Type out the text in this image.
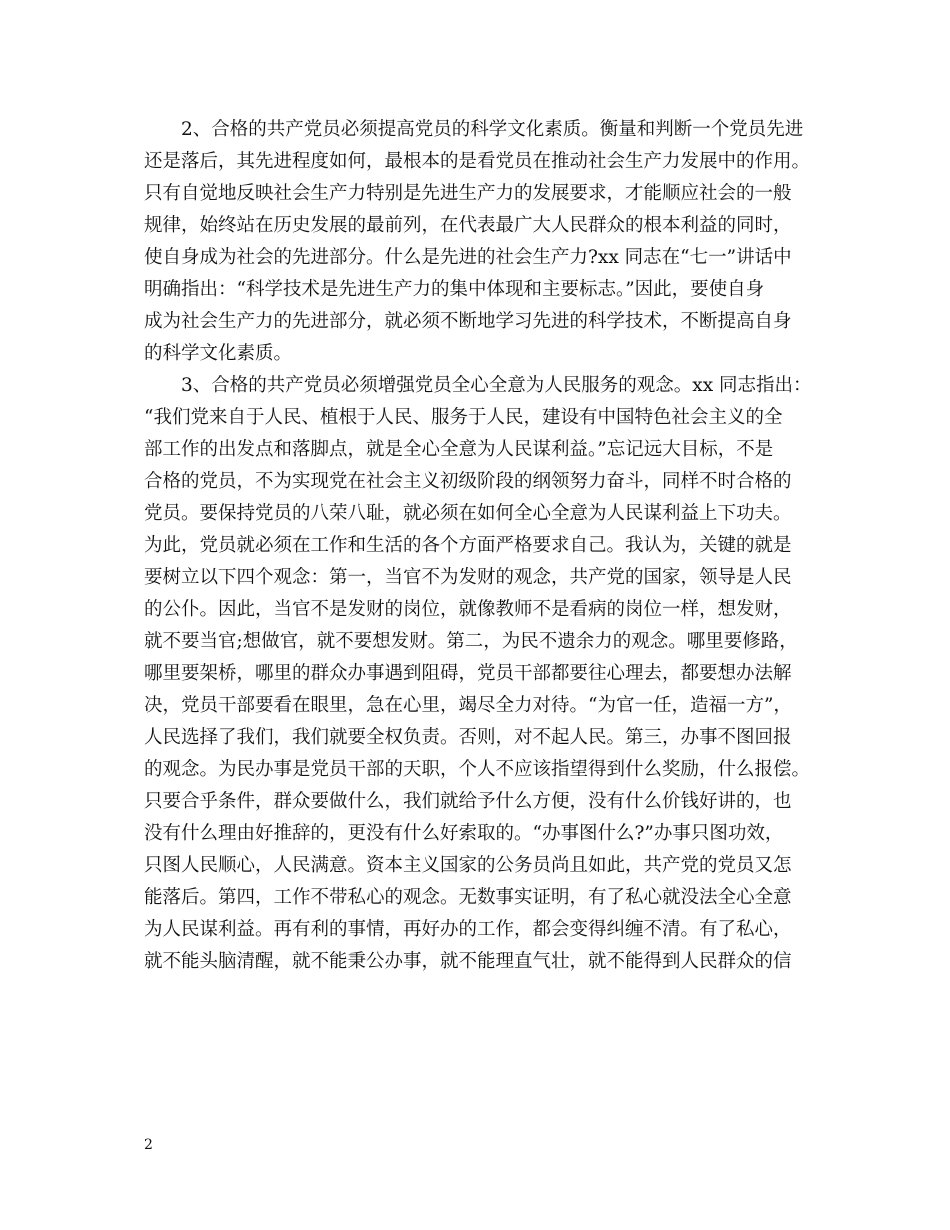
2、合格的共产党员必须提高党员的科学文化素质。衡量和判断一个党员先进
还是落后，其先进程度如何，最根本的是看党员在推动社会生产力发展中的作用。
只有自觉地反映社会生产力特别是先进生产力的发展要求，才能顺应社会的一般
规律，始终站在历史发展的最前列，在代表最广大人民群众的根本利益的同时，
使自身成为社会的先进部分。什么是先进的社会生产力?xx 同志在“七一”讲话中
明确指出：“科学技术是先进生产力的集中体现和主要标志。”因此，要使自身
成为社会生产力的先进部分，就必须不断地学习先进的科学技术，不断提高自身
的科学文化素质。
3、合格的共产党员必须增强党员全心全意为人民服务的观念。xx 同志指出：
“我们党来自于人民、植根于人民、服务于人民，建设有中国特色社会主义的全
部工作的出发点和落脚点，就是全心全意为人民谋利益。”忘记远大目标，不是
合格的党员，不为实现党在社会主义初级阶段的纲领努力奋斗，同样不时合格的
党员。要保持党员的八荣八耻，就必须在如何全心全意为人民谋利益上下功夫。
为此，党员就必须在工作和生活的各个方面严格要求自己。我认为，关键的就是
要树立以下四个观念：第一，当官不为发财的观念，共产党的国家，领导是人民
的公仆。因此，当官不是发财的岗位，就像教师不是看病的岗位一样，想发财，
就不要当官;想做官，就不要想发财。第二，为民不遗余力的观念。哪里要修路，
哪里要架桥，哪里的群众办事遇到阻碍，党员干部都要往心理去，都要想办法解
决，党员干部要看在眼里，急在心里，竭尽全力对待。“为官一任，造福一方”，
人民选择了我们，我们就要全权负责。否则，对不起人民。第三，办事不图回报
的观念。为民办事是党员干部的天职，个人不应该指望得到什么奖励，什么报偿。
只要合乎条件，群众要做什么，我们就给予什么方便，没有什么价钱好讲的，也
没有什么理由好推辞的，更没有什么好索取的。“办事图什么?”办事只图功效，
只图人民顺心，人民满意。资本主义国家的公务员尚且如此，共产党的党员又怎
能落后。第四，工作不带私心的观念。无数事实证明，有了私心就没法全心全意
为人民谋利益。再有利的事情，再好办的工作，都会变得纠缠不清。有了私心，
就不能头脑清醒，就不能秉公办事，就不能理直气壮，就不能得到人民群众的信
2
